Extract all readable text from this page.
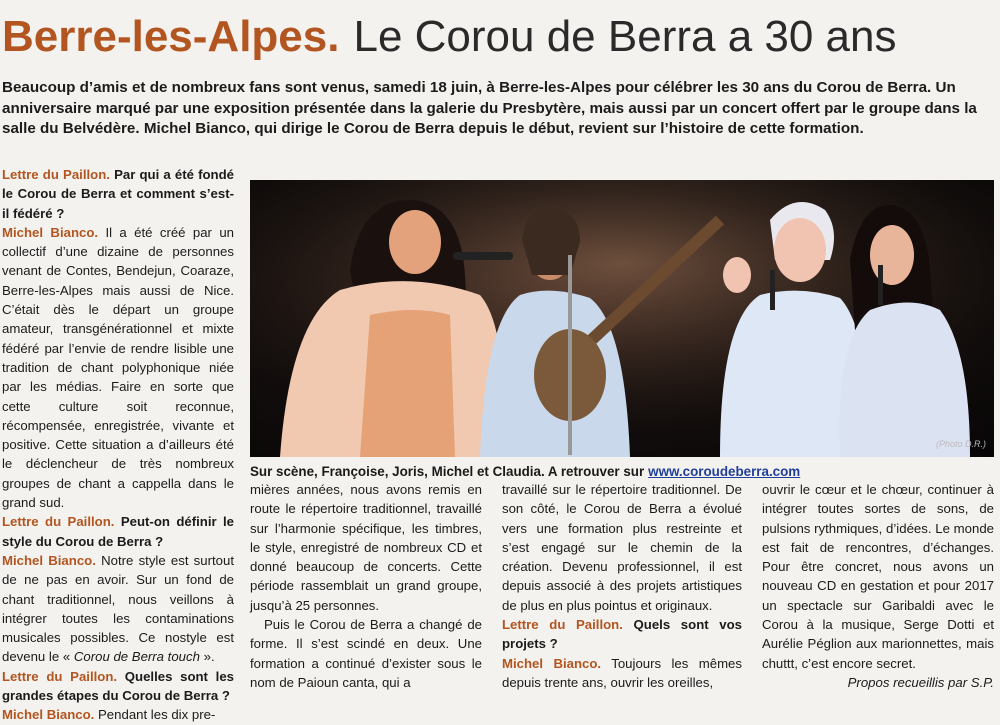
Berre-les-Alpes. Le Corou de Berra a 30 ans
Beaucoup d’amis et de nombreux fans sont venus, samedi 18 juin, à Berre-les-Alpes pour célébrer les 30 ans du Corou de Berra. Un anniversaire marqué par une exposition présentée dans la galerie du Presbytère, mais aussi par un concert offert par le groupe dans la salle du Belvédère. Michel Bianco, qui dirige le Corou de Berra depuis le début, revient sur l’histoire de cette formation.

Lettre du Paillon. Par qui a été fondé le Corou de Berra et comment s’est-il fédéré ?

Michel Bianco. Il a été créé par un collectif d’une dizaine de personnes venant de Contes, Bendejun, Coaraze, Berre-les-Alpes mais aussi de Nice. C’était dès le départ un groupe amateur, transgénérationnel et mixte fédéré par l’envie de rendre lisible une tradition de chant polyphonique niée par les médias. Faire en sorte que cette culture soit reconnue, récompensée, enregistrée, vivante et positive. Cette situation a d’ailleurs été le déclencheur de très nombreux groupes de chant a cappella dans le grand sud.

Lettre du Paillon. Peut-on définir le style du Corou de Berra ?

Michel Bianco. Notre style est surtout de ne pas en avoir. Sur un fond de chant traditionnel, nous veillons à intégrer toutes les contaminations musicales possibles. Ce nostyle est devenu le « Corou de Berra touch ».

Lettre du Paillon. Quelles sont les grandes étapes du Corou de Berra ?

Michel Bianco. Pendant les dix pre-

(Photo D.R.)
Sur scène, Françoise, Joris, Michel et Claudia. A retrouver sur www.coroudeberra.com

mières années, nous avons remis en route le répertoire traditionnel, travaillé sur l’harmonie spécifique, les timbres, le style, enregistré de nombreux CD et donné beaucoup de concerts. Cette période rassemblait un grand groupe, jusqu’à 25 personnes.

Puis le Corou de Berra a changé de forme. Il s’est scindé en deux. Une formation a continué d’exister sous le nom de Paioun canta, qui a

travaillé sur le répertoire traditionnel. De son côté, le Corou de Berra a évolué vers une formation plus restreinte et s’est engagé sur le chemin de la création. Devenu professionnel, il est depuis associé à des projets artistiques de plus en plus pointus et originaux.

Lettre du Paillon. Quels sont vos projets ?

Michel Bianco. Toujours les mêmes depuis trente ans, ouvrir les oreilles,

ouvrir le cœur et le chœur, continuer à intégrer toutes sortes de sons, de pulsions rythmiques, d’idées. Le monde est fait de rencontres, d’échanges. Pour être concret, nous avons un nouveau CD en gestation et pour 2017 un spectacle sur Garibaldi avec le Corou à la musique, Serge Dotti et Aurélie Péglion aux marionnettes, mais chuttt, c’est encore secret.

Propos recueillis par S.P.
